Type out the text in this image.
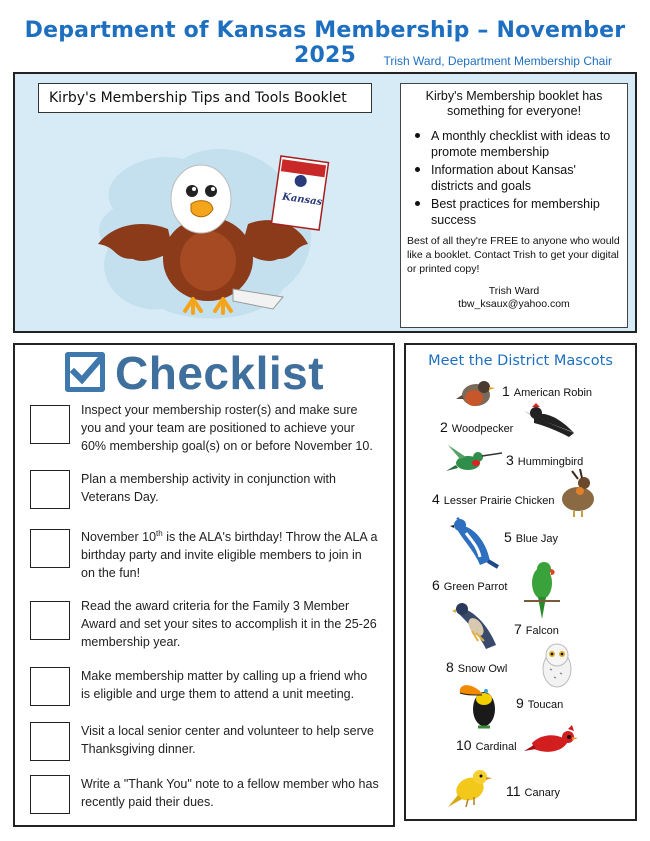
Department of Kansas Membership – November 2025	Trish Ward, Department Membership Chair
Kirby's Membership Tips and Tools Booklet
Kansas
Kirby's Membership booklet has something for everyone!
A monthly checklist with ideas to promote membership
Information about Kansas' districts and goals
Best practices for membership success
Best of all they're FREE to anyone who would like a booklet. Contact Trish to get your digital or printed copy!
Trish Ward
tbw_ksaux@yahoo.com
Checklist
Inspect your membership roster(s) and make sure you and your team are positioned to achieve your 60% membership goal(s) on or before November 10.
Plan a membership activity in conjunction with Veterans Day.
November 10th is the ALA's birthday! Throw the ALA a birthday party and invite eligible members to join in on the fun!
Read the award criteria for the Family 3 Member Award and set your sites to accomplish it in the 25-26 membership year.
Make membership matter by calling up a friend who is eligible and urge them to attend a unit meeting.
Visit a local senior center and volunteer to help serve Thanksgiving dinner.
Write a "Thank You" note to a fellow member who has recently paid their dues.
Meet the District Mascots
1 American Robin
2 Woodpecker
3 Hummingbird
4 Lesser Prairie Chicken
5 Blue Jay
6 Green Parrot
7 Falcon
8 Snow Owl
9 Toucan
10 Cardinal
11 Canary
